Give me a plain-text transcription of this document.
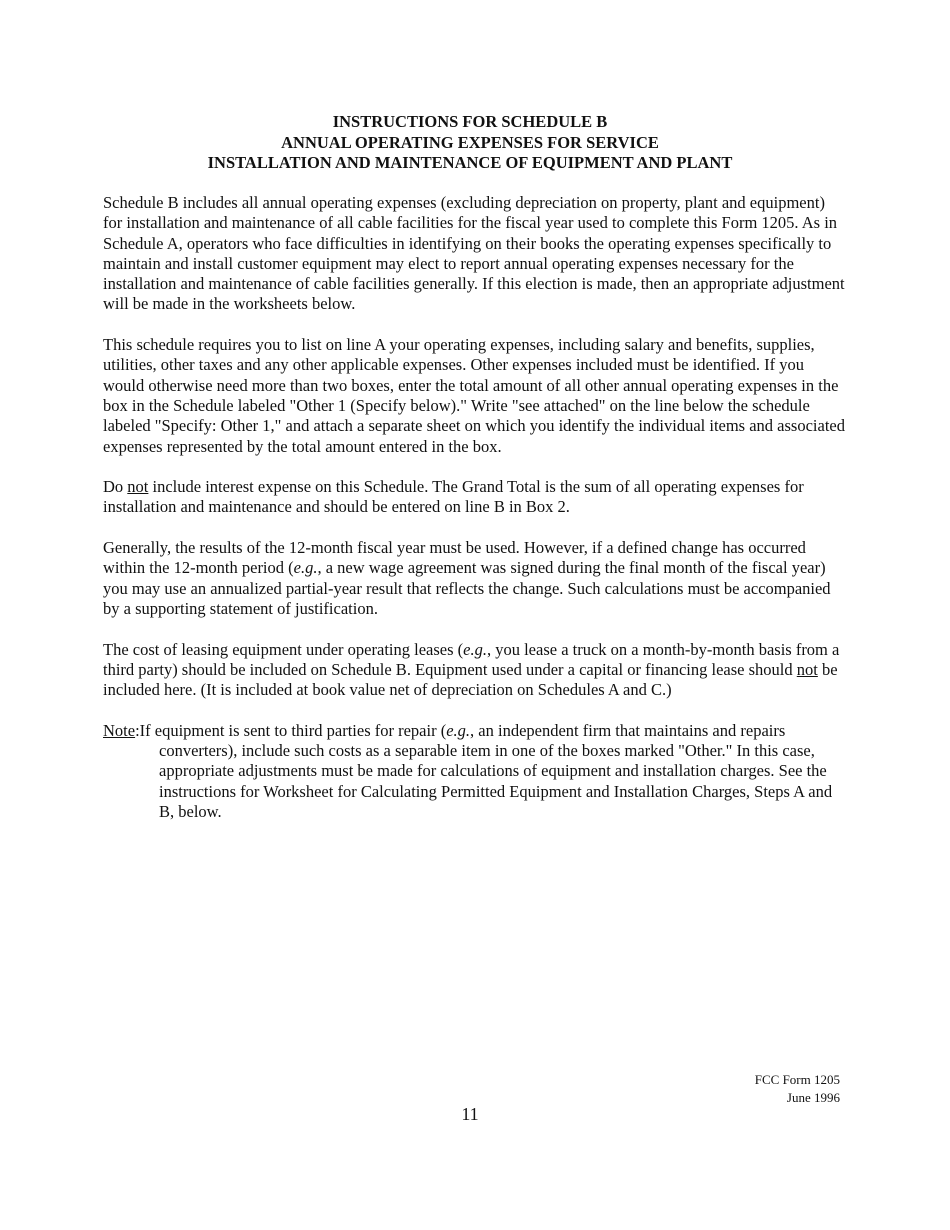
INSTRUCTIONS FOR SCHEDULE B
ANNUAL OPERATING EXPENSES FOR SERVICE
INSTALLATION AND MAINTENANCE OF EQUIPMENT AND PLANT

Schedule B includes all annual operating expenses (excluding depreciation on property, plant and equipment) for installation and maintenance of all cable facilities for the fiscal year used to complete this Form 1205. As in Schedule A, operators who face difficulties in identifying on their books the operating expenses specifically to maintain and install customer equipment may elect to report annual operating expenses necessary for the installation and maintenance of cable facilities generally. If this election is made, then an appropriate adjustment will be made in the worksheets below.

This schedule requires you to list on line A your operating expenses, including salary and benefits, supplies, utilities, other taxes and any other applicable expenses. Other expenses included must be identified. If you would otherwise need more than two boxes, enter the total amount of all other annual operating expenses in the box in the Schedule labeled "Other 1 (Specify below)." Write "see attached" on the line below the schedule labeled "Specify: Other 1," and attach a separate sheet on which you identify the individual items and associated expenses represented by the total amount entered in the box.

Do not include interest expense on this Schedule. The Grand Total is the sum of all operating expenses for installation and maintenance and should be entered on line B in Box 2.

Generally, the results of the 12-month fiscal year must be used. However, if a defined change has occurred within the 12-month period (e.g., a new wage agreement was signed during the final month of the fiscal year) you may use an annualized partial-year result that reflects the change. Such calculations must be accompanied by a supporting statement of justification.

The cost of leasing equipment under operating leases (e.g., you lease a truck on a month-by-month basis from a third party) should be included on Schedule B. Equipment used under a capital or financing lease should not be included here. (It is included at book value net of depreciation on Schedules A and C.)

Note:If equipment is sent to third parties for repair (e.g., an independent firm that maintains and repairs converters), include such costs as a separable item in one of the boxes marked "Other." In this case, appropriate adjustments must be made for calculations of equipment and installation charges. See the instructions for Worksheet for Calculating Permitted Equipment and Installation Charges, Steps A and B, below.

FCC Form 1205
June 1996
11
